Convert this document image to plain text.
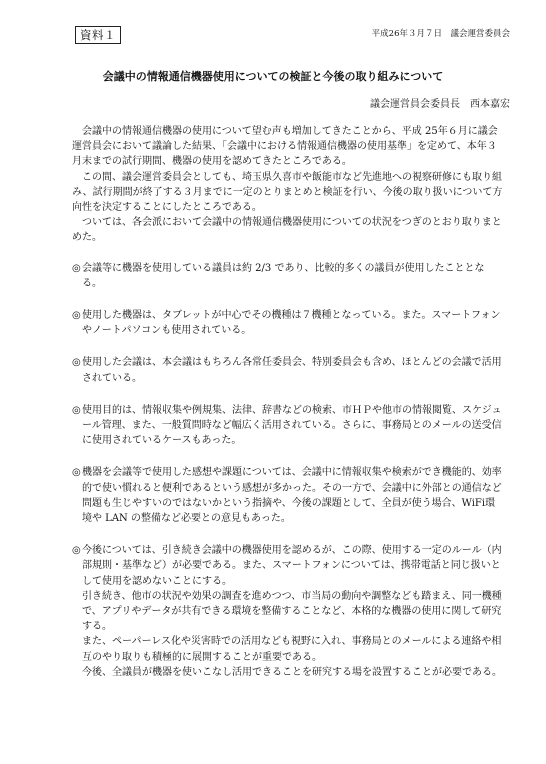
資料１	平成26年３月７日　議会運営委員会
会議中の情報通信機器使用についての検証と今後の取り組みについて
議会運営員会委員長　西本嘉宏

会議中の情報通信機器の使用について望む声も増加してきたことから、平成 25年６月に議会運営員会において議論した結果、「会議中における情報通信機器の使用基準」を定めて、本年３月末までの試行期間、機器の使用を認めてきたところである。

この間、議会運営委員会としても、埼玉県久喜市や飯能市など先進地への視察研修にも取り組み、試行期間が終了する３月までに一定のとりまとめと検証を行い、今後の取り扱いについて方向性を決定することにしたところである。

ついては、各会派において会議中の情報通信機器使用についての状況をつぎのとおり取りまとめた。

◎会議等に機器を使用している議員は約 2/3 であり、比較的多くの議員が使用したこととなる。
◎使用した機器は、タブレットが中心でその機種は７機種となっている。また。スマートフォンやノートパソコンも使用されている。
◎使用した会議は、本会議はもちろん各常任委員会、特別委員会も含め、ほとんどの会議で活用されている。
◎使用目的は、情報収集や例規集、法律、辞書などの検索、市ＨＰや他市の情報閲覧、スケジュール管理、また、一般質問時など幅広く活用されている。さらに、事務局とのメールの送受信に使用されているケースもあった。
◎機器を会議等で使用した感想や課題については、会議中に情報収集や検索ができ機能的、効率的で使い慣れると便利であるという感想が多かった。その一方で、会議中に外部との通信など問題も生じやすいのではないかという指摘や、今後の課題として、全員が使う場合、WiFi環境や LAN の整備など必要との意見もあった。
◎今後については、引き続き会議中の機器使用を認めるが、この際、使用する一定のルール（内部規則・基準など）が必要である。また、スマートフォンについては、携帯電話と同じ扱いとして使用を認めないことにする。
引き続き、他市の状況や効果の調査を進めつつ、市当局の動向や調整なども踏まえ、同一機種で、アプリやデータが共有できる環境を整備することなど、本格的な機器の使用に関して研究する。
また、ペーパーレス化や災害時での活用なども視野に入れ、事務局とのメールによる連絡や相互のやり取りも積極的に展開することが重要である。
今後、全議員が機器を使いこなし活用できることを研究する場を設置することが必要である。
